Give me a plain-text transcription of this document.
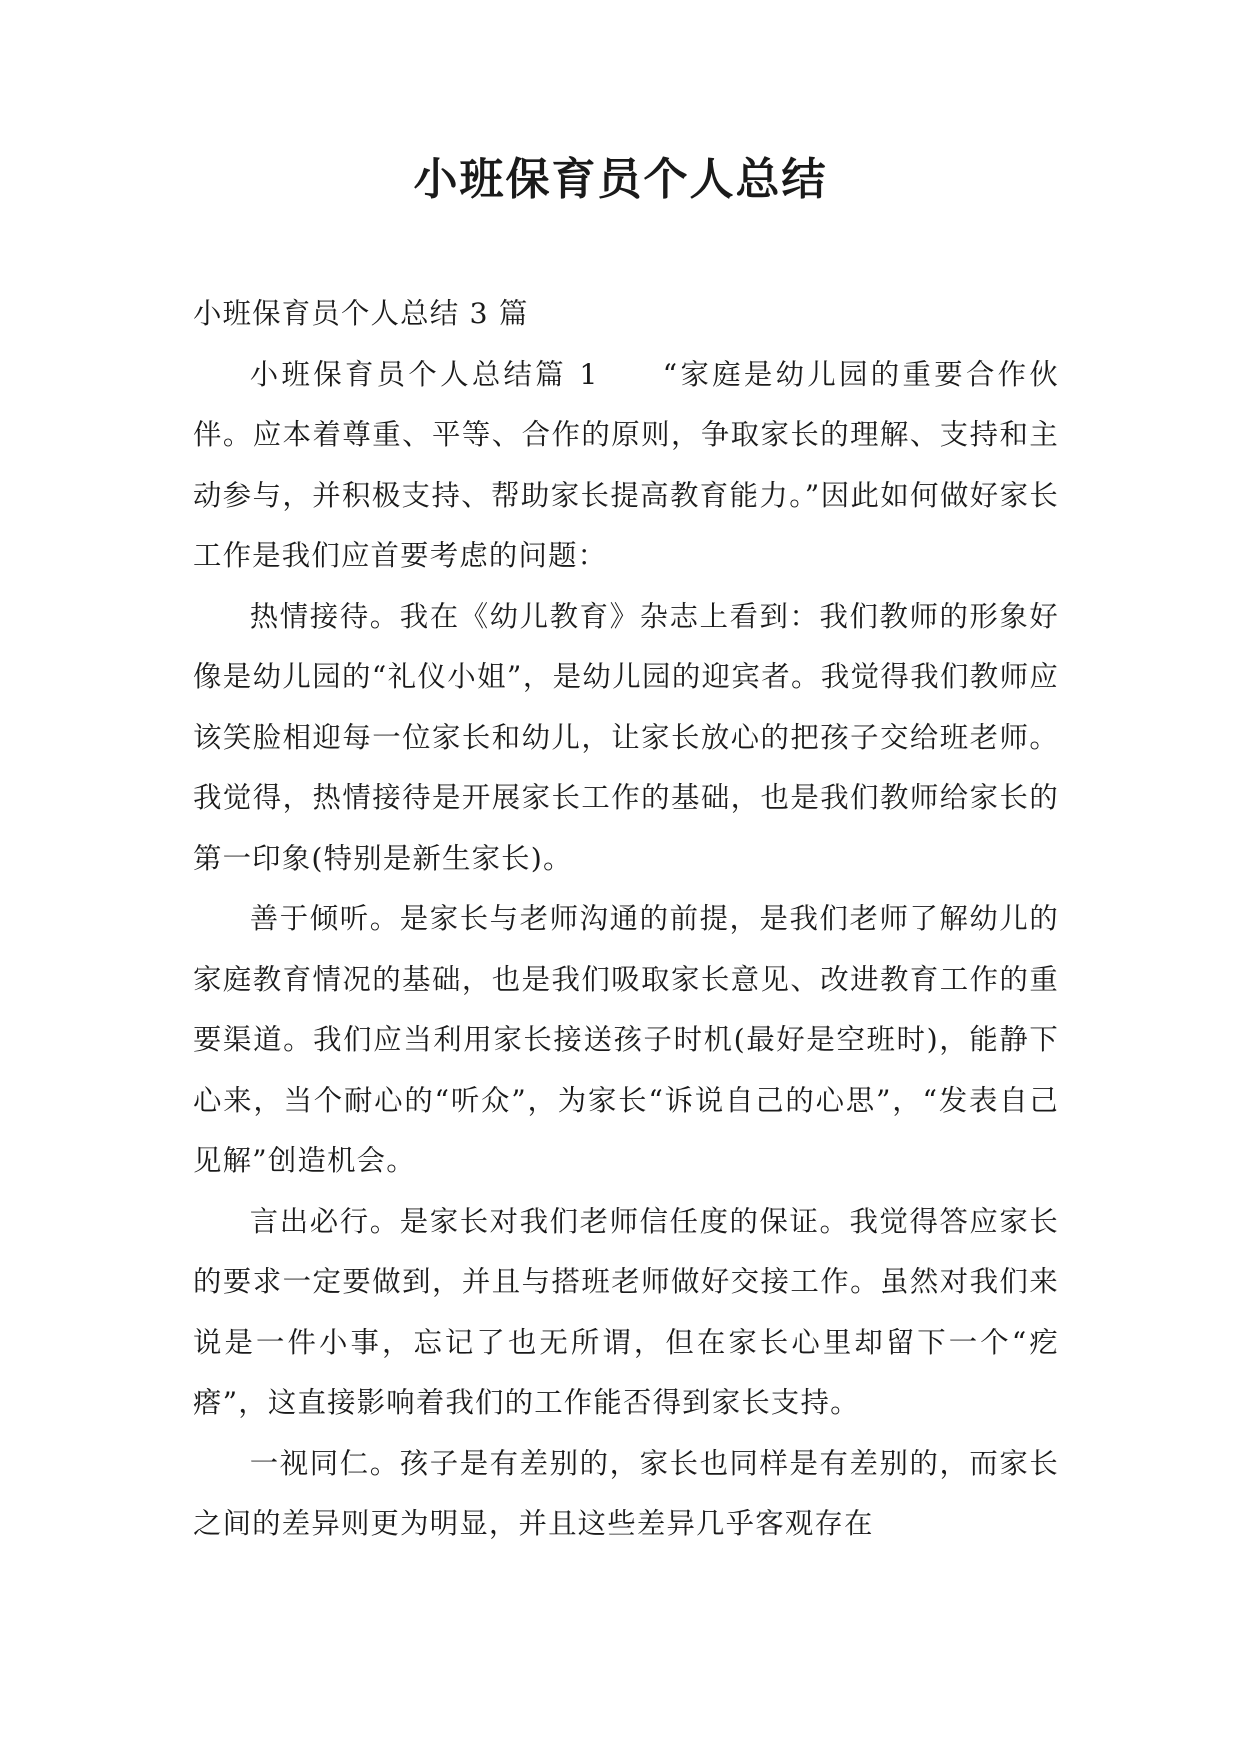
小班保育员个人总结

小班保育员个人总结 3 篇

小班保育员个人总结篇 1 “家庭是幼儿园的重要合作伙伴。应本着尊重、平等、合作的原则，争取家长的理解、支持和主动参与，并积极支持、帮助家长提高教育能力。”因此如何做好家长工作是我们应首要考虑的问题：

热情接待。我在《幼儿教育》杂志上看到：我们教师的形象好像是幼儿园的“礼仪小姐”，是幼儿园的迎宾者。我觉得我们教师应该笑脸相迎每一位家长和幼儿，让家长放心的把孩子交给班老师。我觉得，热情接待是开展家长工作的基础，也是我们教师给家长的第一印象(特别是新生家长)。

善于倾听。是家长与老师沟通的前提，是我们老师了解幼儿的家庭教育情况的基础，也是我们吸取家长意见、改进教育工作的重要渠道。我们应当利用家长接送孩子时机(最好是空班时)，能静下心来，当个耐心的“听众”，为家长“诉说自己的心思”，“发表自己见解”创造机会。

言出必行。是家长对我们老师信任度的保证。我觉得答应家长的要求一定要做到，并且与搭班老师做好交接工作。虽然对我们来说是一件小事，忘记了也无所谓，但在家长心里却留下一个“疙瘩”，这直接影响着我们的工作能否得到家长支持。

一视同仁。孩子是有差别的，家长也同样是有差别的，而家长之间的差异则更为明显，并且这些差异几乎客观存在
